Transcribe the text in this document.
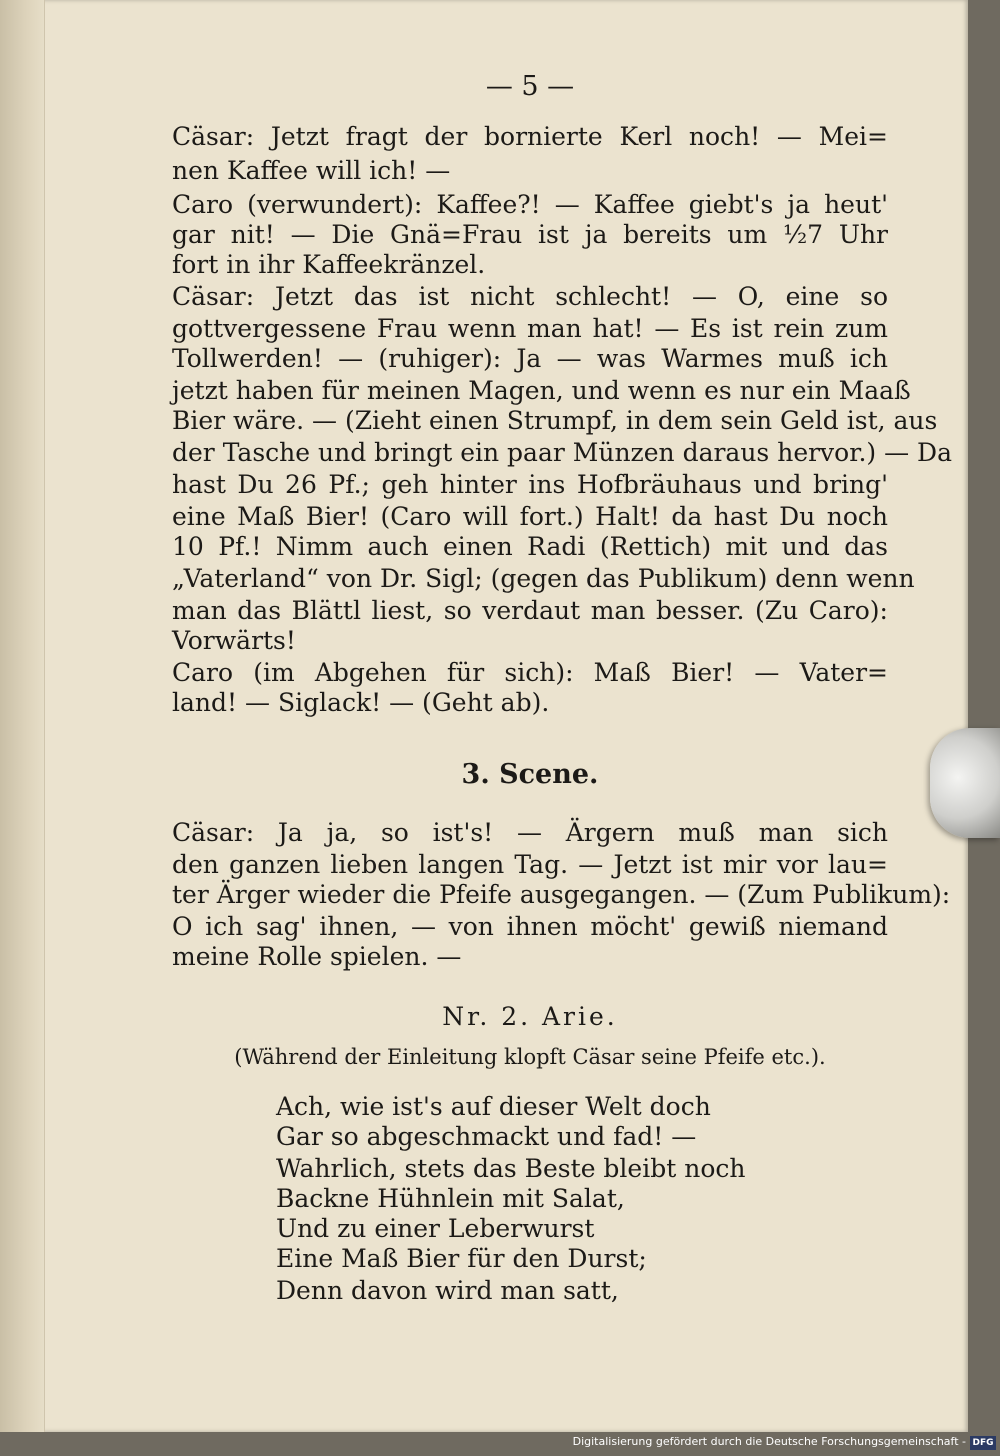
— 5 —
Cäsar: Jetzt fragt der bornierte Kerl noch! — Mei=
nen Kaffee will ich! —
Caro (verwundert): Kaffee?! — Kaffee giebt's ja heut'
gar nit! — Die Gnä=Frau ist ja bereits um ½7 Uhr
fort in ihr Kaffeekränzel.
Cäsar: Jetzt das ist nicht schlecht! — O, eine so
gottvergessene Frau wenn man hat! — Es ist rein zum
Tollwerden! — (ruhiger): Ja — was Warmes muß ich
jetzt haben für meinen Magen, und wenn es nur ein Maaß
Bier wäre. — (Zieht einen Strumpf, in dem sein Geld ist, aus
der Tasche und bringt ein paar Münzen daraus hervor.) — Da
hast Du 26 Pf.; geh hinter ins Hofbräuhaus und bring'
eine Maß Bier! (Caro will fort.) Halt! da hast Du noch
10 Pf.! Nimm auch einen Radi (Rettich) mit und das
„Vaterland“ von Dr. Sigl; (gegen das Publikum) denn wenn
man das Blättl liest, so verdaut man besser. (Zu Caro):
Vorwärts!
Caro (im Abgehen für sich): Maß Bier! — Vater=
land! — Siglack! — (Geht ab).
3. Scene.
Cäsar: Ja ja, so ist's! — Ärgern muß man sich
den ganzen lieben langen Tag. — Jetzt ist mir vor lau=
ter Ärger wieder die Pfeife ausgegangen. — (Zum Publikum):
O ich sag' ihnen, — von ihnen möcht' gewiß niemand
meine Rolle spielen. —
Nr. 2. Arie.
(Während der Einleitung klopft Cäsar seine Pfeife etc.).
Ach, wie ist's auf dieser Welt doch
Gar so abgeschmackt und fad! —
Wahrlich, stets das Beste bleibt noch
Backne Hühnlein mit Salat,
Und zu einer Leberwurst
Eine Maß Bier für den Durst;
Denn davon wird man satt,
Digitalisierung gefördert durch die Deutsche Forschungsgemeinschaft - DFG
